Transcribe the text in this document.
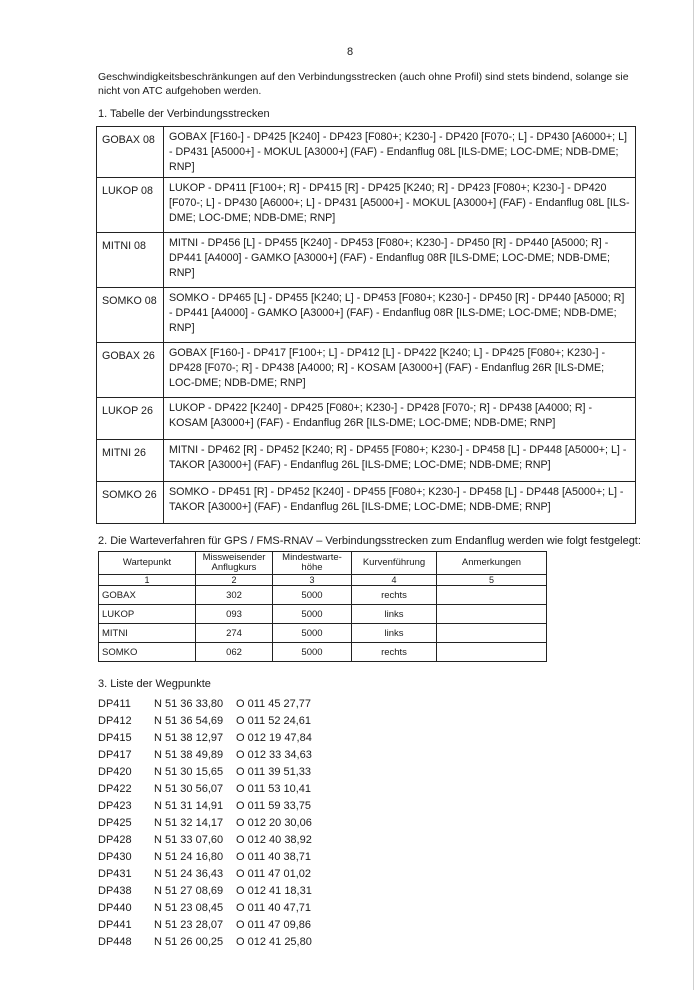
8
Geschwindigkeitsbeschränkungen auf den Verbindungsstrecken (auch ohne Profil) sind stets bindend, solange sie nicht von ATC aufgehoben werden.
1. Tabelle der Verbindungsstrecken
GOBAX 08	GOBAX [F160-] - DP425 [K240] - DP423 [F080+; K230-] - DP420 [F070-; L] - DP430 [A6000+; L] - DP431 [A5000+] - MOKUL [A3000+] (FAF) - Endanflug 08L [ILS-DME; LOC-DME; NDB-DME; RNP]
LUKOP 08	LUKOP - DP411 [F100+; R] - DP415 [R] - DP425 [K240; R] - DP423 [F080+; K230-] - DP420 [F070-; L] - DP430 [A6000+; L] - DP431 [A5000+] - MOKUL [A3000+] (FAF) - Endanflug 08L [ILS-DME; LOC-DME; NDB-DME; RNP]
MITNI 08	MITNI - DP456 [L] - DP455 [K240] - DP453 [F080+; K230-] - DP450 [R] - DP440 [A5000; R] - DP441 [A4000] - GAMKO [A3000+] (FAF) - Endanflug 08R [ILS-DME; LOC-DME; NDB-DME; RNP]
SOMKO 08	SOMKO - DP465 [L] - DP455 [K240; L] - DP453 [F080+; K230-] - DP450 [R] - DP440 [A5000; R] - DP441 [A4000] - GAMKO [A3000+] (FAF) - Endanflug 08R [ILS-DME; LOC-DME; NDB-DME; RNP]
GOBAX 26	GOBAX [F160-] - DP417 [F100+; L] - DP412 [L] - DP422 [K240; L] - DP425 [F080+; K230-] - DP428 [F070-; R] - DP438 [A4000; R] - KOSAM [A3000+] (FAF) - Endanflug 26R [ILS-DME; LOC-DME; NDB-DME; RNP]
LUKOP 26	LUKOP - DP422 [K240] - DP425 [F080+; K230-] - DP428 [F070-; R] - DP438 [A4000; R] - KOSAM [A3000+] (FAF) - Endanflug 26R [ILS-DME; LOC-DME; NDB-DME; RNP]
MITNI 26	MITNI - DP462 [R] - DP452 [K240; R] - DP455 [F080+; K230-] - DP458 [L] - DP448 [A5000+; L] - TAKOR [A3000+] (FAF) - Endanflug 26L [ILS-DME; LOC-DME; NDB-DME; RNP]
SOMKO 26	SOMKO - DP451 [R] - DP452 [K240] - DP455 [F080+; K230-] - DP458 [L] - DP448 [A5000+; L] - TAKOR [A3000+] (FAF) - Endanflug 26L [ILS-DME; LOC-DME; NDB-DME; RNP]
2. Die Warteverfahren für GPS / FMS-RNAV – Verbindungsstrecken zum Endanflug werden wie folgt festgelegt:
Wartepunkt	Missweisender Anflugkurs	Mindestwarte-höhe	Kurvenführung	Anmerkungen
1	2	3	4	5
GOBAX	302	5000	rechts	
LUKOP	093	5000	links	
MITNI	274	5000	links	
SOMKO	062	5000	rechts	
3. Liste der Wegpunkte
DP411 N 51 36 33,80 O 011 45 27,77
DP412 N 51 36 54,69 O 011 52 24,61
DP415 N 51 38 12,97 O 012 19 47,84
DP417 N 51 38 49,89 O 012 33 34,63
DP420 N 51 30 15,65 O 011 39 51,33
DP422 N 51 30 56,07 O 011 53 10,41
DP423 N 51 31 14,91 O 011 59 33,75
DP425 N 51 32 14,17 O 012 20 30,06
DP428 N 51 33 07,60 O 012 40 38,92
DP430 N 51 24 16,80 O 011 40 38,71
DP431 N 51 24 36,43 O 011 47 01,02
DP438 N 51 27 08,69 O 012 41 18,31
DP440 N 51 23 08,45 O 011 40 47,71
DP441 N 51 23 28,07 O 011 47 09,86
DP448 N 51 26 00,25 O 012 41 25,80
